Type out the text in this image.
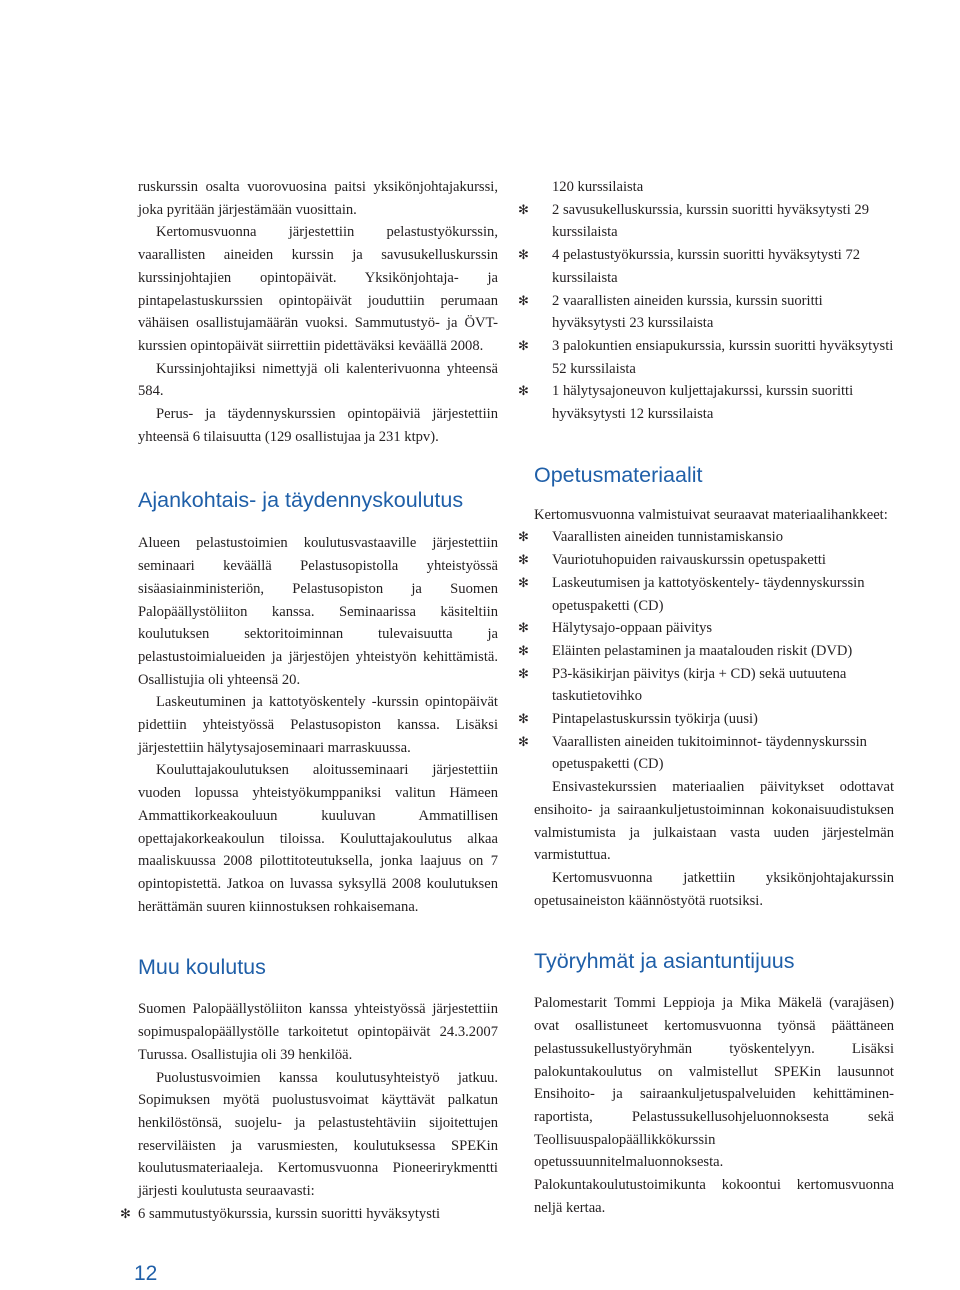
ruskurssin osalta vuorovuosina paitsi yksikönjohtajakurssi, joka pyritään järjestämään vuosittain.

Kertomusvuonna järjestettiin pelastustyökurssin, vaarallisten aineiden kurssin ja savusukelluskurssin kurssinjohtajien opintopäivät. Yksikönjohtaja- ja pintapelastuskurssien opintopäivät jouduttiin perumaan vähäisen osallistujamäärän vuoksi. Sammutustyö- ja ÖVT- kurssien opintopäivät siirrettiin pidettäväksi keväällä 2008.

Kurssinjohtajiksi nimettyjä oli kalenterivuonna yhteensä 584.

Perus- ja täydennyskurssien opintopäiviä järjestettiin yhteensä 6 tilaisuutta (129 osallistujaa ja 231 ktpv).

Ajankohtais- ja täydennyskoulutus

Alueen pelastustoimien koulutusvastaaville järjestettiin seminaari keväällä Pelastusopistolla yhteistyössä sisäasiainministeriön, Pelastusopiston ja Suomen Palopäällystöliiton kanssa. Seminaarissa käsiteltiin koulutuksen sektoritoiminnan tulevaisuutta ja pelastustoimialueiden ja järjestöjen yhteistyön kehittämistä. Osallistujia oli yhteensä 20.

Laskeutuminen ja kattotyöskentely -kurssin opintopäivät pidettiin yhteistyössä Pelastusopiston kanssa. Lisäksi järjestettiin hälytysajoseminaari marraskuussa.

Kouluttajakoulutuksen aloitusseminaari järjestettiin vuoden lopussa yhteistyökumppaniksi valitun Hämeen Ammattikorkeakouluun kuuluvan Ammatillisen opettajakorkeakoulun tiloissa. Kouluttajakoulutus alkaa maaliskuussa 2008 pilottitoteutuksella, jonka laajuus on 7 opintopistettä. Jatkoa on luvassa syksyllä 2008 koulutuksen herättämän suuren kiinnostuksen rohkaisemana.

Muu koulutus

Suomen Palopäällystöliiton kanssa yhteistyössä järjestettiin sopimuspalopäällystölle tarkoitetut opintopäivät 24.3.2007 Turussa. Osallistujia oli 39 henkilöä.

Puolustusvoimien kanssa koulutusyhteistyö jatkuu. Sopimuksen myötä puolustusvoimat käyttävät palkatun henkilöstönsä, suojelu- ja pelastustehtäviin sijoitettujen reserviläisten ja varusmiesten, koulutuksessa SPEKin koulutusmateriaaleja. Kertomusvuonna Pioneerirykmentti järjesti koulutusta seuraavasti:

✻ 6 sammutustyökurssia, kurssin suoritti hyväksytysti

120 kurssilaista

✻ 2 savusukelluskurssia, kurssin suoritti hyväksytysti 29 kurssilaista
✻ 4 pelastustyökurssia, kurssin suoritti hyväksytysti 72 kurssilaista
✻ 2 vaarallisten aineiden kurssia, kurssin suoritti hyväksytysti 23 kurssilaista
✻ 3 palokuntien ensiapukurssia, kurssin suoritti hyväksytysti 52 kurssilaista
✻ 1 hälytysajoneuvon kuljettajakurssi, kurssin suoritti hyväksytysti 12 kurssilaista
Opetusmateriaalit

Kertomusvuonna valmistuivat seuraavat materiaalihankkeet:

✻ Vaarallisten aineiden tunnistamiskansio
✻ Vauriotuhopuiden raivauskurssin opetuspaketti
✻ Laskeutumisen ja kattotyöskentely- täydennyskurssin opetuspaketti (CD)
✻ Hälytysajo-oppaan päivitys
✻ Eläinten pelastaminen ja maatalouden riskit (DVD)
✻ P3-käsikirjan päivitys (kirja + CD) sekä uutuutena taskutietovihko
✻ Pintapelastuskurssin työkirja (uusi)
✻ Vaarallisten aineiden tukitoiminnot- täydennyskurssin opetuspaketti (CD)

Ensivastekurssien materiaalien päivitykset odottavat ensihoito- ja sairaankuljetustoiminnan kokonaisuudistuksen valmistumista ja julkaistaan vasta uuden järjestelmän varmistuttua.

Kertomusvuonna jatkettiin yksikönjohtajakurssin opetusaineiston käännöstyötä ruotsiksi.

Työryhmät ja asiantuntijuus

Palomestarit Tommi Leppioja ja Mika Mäkelä (varajäsen) ovat osallistuneet kertomusvuonna työnsä päättäneen pelastussukellustyöryhmän työskentelyyn. Lisäksi palokuntakoulutus on valmistellut SPEKin lausunnot Ensihoito- ja sairaankuljetuspalveluiden kehittäminen- raportista, Pelastussukellusohjeluonnoksesta sekä Teollisuuspalopäällikkökurssin opetussuunnitelmaluonnoksesta.

Palokuntakoulutustoimikunta kokoontui kertomusvuonna neljä kertaa.

12
